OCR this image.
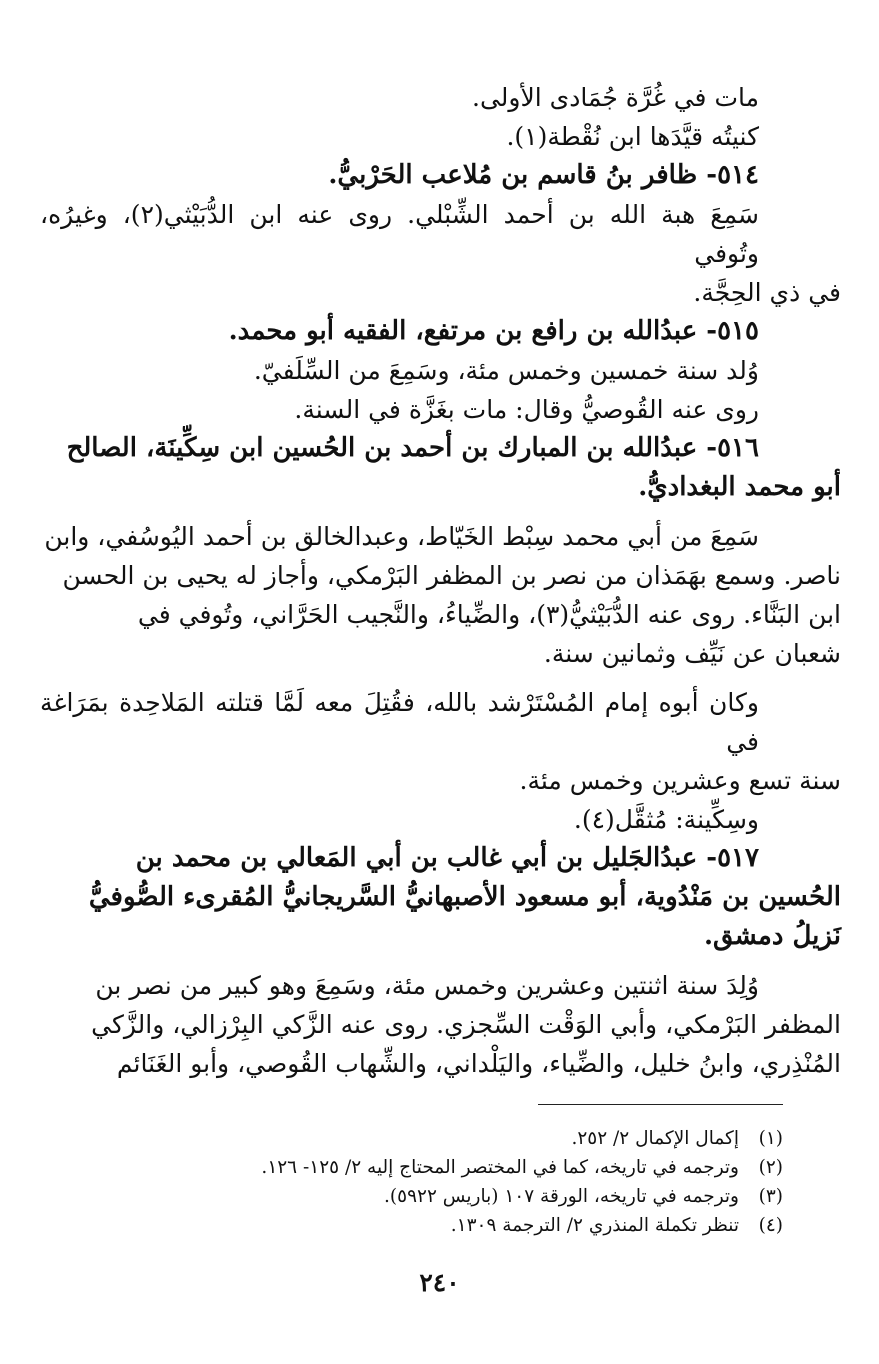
مات في غُرَّة جُمَادى الأولى.

كنيتُه قيَّدَها ابن نُقْطة(١).

٥١٤- ظافر بنُ قاسم بن مُلاعب الحَرْبيُّ.

سَمِعَ هبة الله بن أحمد الشِّبْلي. روى عنه ابن الدُّبَيْثي(٢)، وغيرُه، وتُوفي

في ذي الحِجَّة.

٥١٥- عبدُالله بن رافع بن مرتفع، الفقيه أبو محمد.

وُلد سنة خمسين وخمس مئة، وسَمِعَ من السِّلَفيّ.

روى عنه القُوصيُّ وقال: مات بغَزَّة في السنة.

٥١٦- عبدُالله بن المبارك بن أحمد بن الحُسين ابن سِكِّينَة، الصالح

أبو محمد البغداديُّ.

سَمِعَ من أبي محمد سِبْط الخَيّاط، وعبدالخالق بن أحمد اليُوسُفي، وابن

ناصر. وسمع بهَمَذان من نصر بن المظفر البَرْمكي، وأجاز له يحيى بن الحسن

ابن البَنَّاء. روى عنه الدُّبَيْثيُّ(٣)، والضِّياءُ، والنَّجيب الحَرَّاني، وتُوفي في

شعبان عن نَيِّف وثمانين سنة.

وكان أبوه إمام المُسْتَرْشد بالله، فقُتِلَ معه لَمَّا قتلته المَلاحِدة بمَرَاغة في

سنة تسع وعشرين وخمس مئة.

وسِكِّينة: مُثقَّل(٤).

٥١٧- عبدُالجَليل بن أبي غالب بن أبي المَعالي بن محمد بن

الحُسين بن مَنْدُوية، أبو مسعود الأصبهانيُّ السَّريجانيُّ المُقرىء الصُّوفيُّ

نَزيلُ دمشق.

وُلِدَ سنة اثنتين وعشرين وخمس مئة، وسَمِعَ وهو كبير من نصر بن

المظفر البَرْمكي، وأبي الوَقْت السِّجزي. روى عنه الزَّكي البِرْزالي، والزَّكي

المُنْذِري، وابنُ خليل، والضِّياء، واليَلْداني، والشِّهاب القُوصي، وأبو الغَنَائم

(١)إكمال الإكمال ٢/ ٢٥٢.
(٢)وترجمه في تاريخه، كما في المختصر المحتاج إليه ٢/ ١٢٥- ١٢٦.
(٣)وترجمه في تاريخه، الورقة ١٠٧ (باريس ٥٩٢٢).
(٤)تنظر تكملة المنذري ٢/ الترجمة ١٣٠٩.
٢٤٠
